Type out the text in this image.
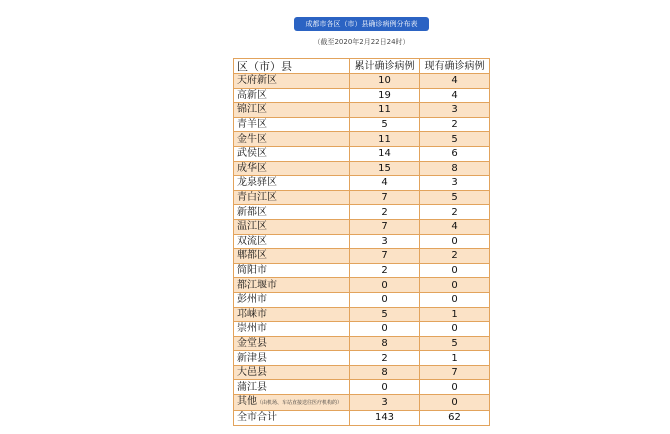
成都市各区（市）县确诊病例分布表
（截至2020年2月22日24时）
区（市）县	累计确诊病例	现有确诊病例
天府新区	10	4
高新区	19	4
锦江区	11	3
青羊区	5	2
金牛区	11	5
武侯区	14	6
成华区	15	8
龙泉驿区	4	3
青白江区	7	5
新都区	2	2
温江区	7	4
双流区	3	0
郫都区	7	2
简阳市	2	0
都江堰市	0	0
彭州市	0	0
邛崃市	5	1
崇州市	0	0
金堂县	8	5
新津县	2	1
大邑县	8	7
蒲江县	0	0
其他（由机场、车站直接送往医疗机构的）	3	0
全市合计	143	62
